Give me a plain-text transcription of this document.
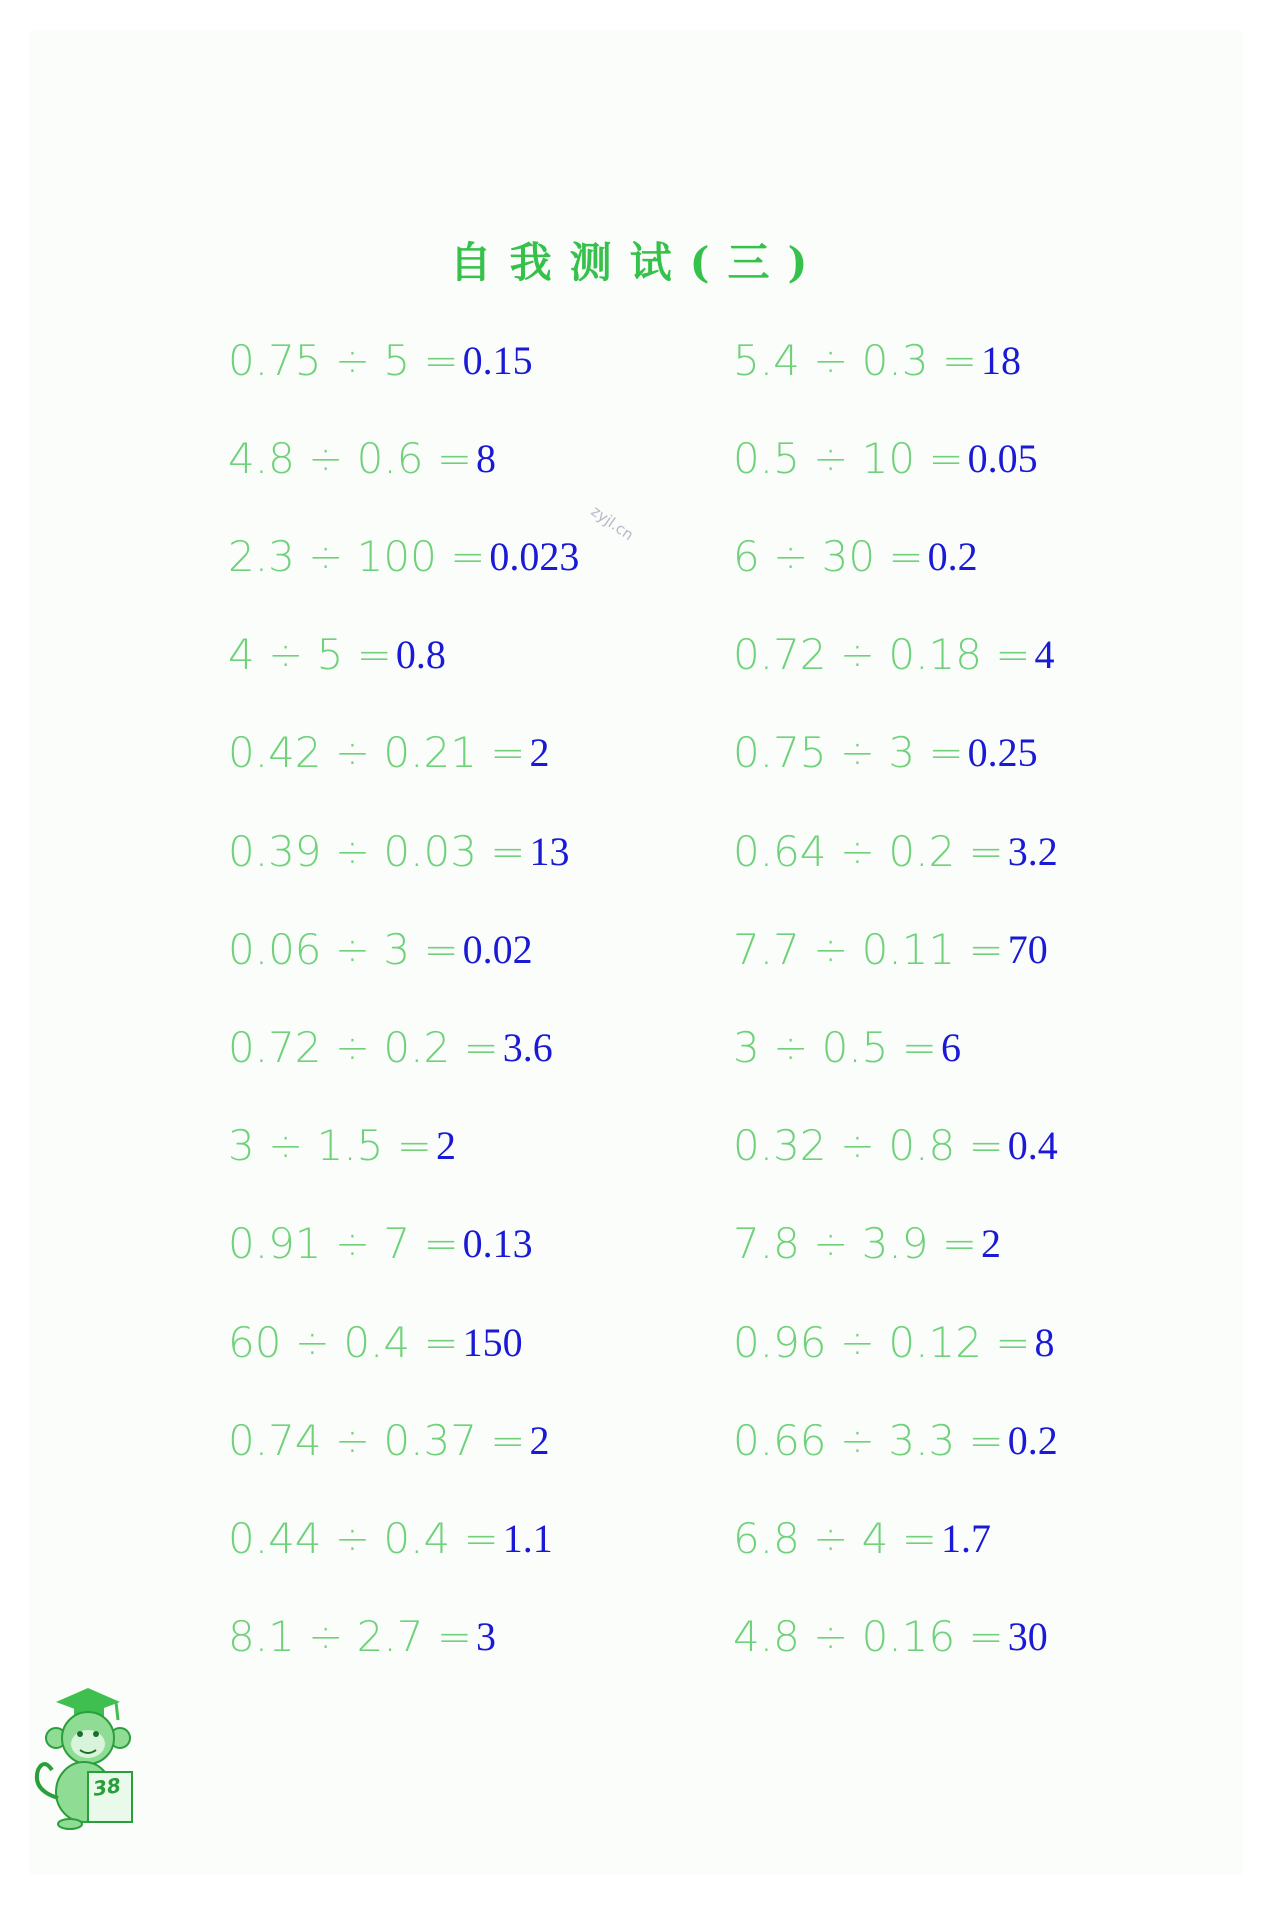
自我测试(三)
zyjl.cn
0.75 ÷ 5 = 0.15
4.8 ÷ 0.6 = 8
2.3 ÷ 100 = 0.023
4 ÷ 5 = 0.8
0.42 ÷ 0.21 = 2
0.39 ÷ 0.03 = 13
0.06 ÷ 3 = 0.02
0.72 ÷ 0.2 = 3.6
3 ÷ 1.5 = 2
0.91 ÷ 7 = 0.13
60 ÷ 0.4 = 150
0.74 ÷ 0.37 = 2
0.44 ÷ 0.4 = 1.1
8.1 ÷ 2.7 = 3
5.4 ÷ 0.3 = 18
0.5 ÷ 10 = 0.05
6 ÷ 30 = 0.2
0.72 ÷ 0.18 = 4
0.75 ÷ 3 = 0.25
0.64 ÷ 0.2 = 3.2
7.7 ÷ 0.11 = 70
3 ÷ 0.5 = 6
0.32 ÷ 0.8 = 0.4
7.8 ÷ 3.9 = 2
0.96 ÷ 0.12 = 8
0.66 ÷ 3.3 = 0.2
6.8 ÷ 4 = 1.7
4.8 ÷ 0.16 = 30
38
